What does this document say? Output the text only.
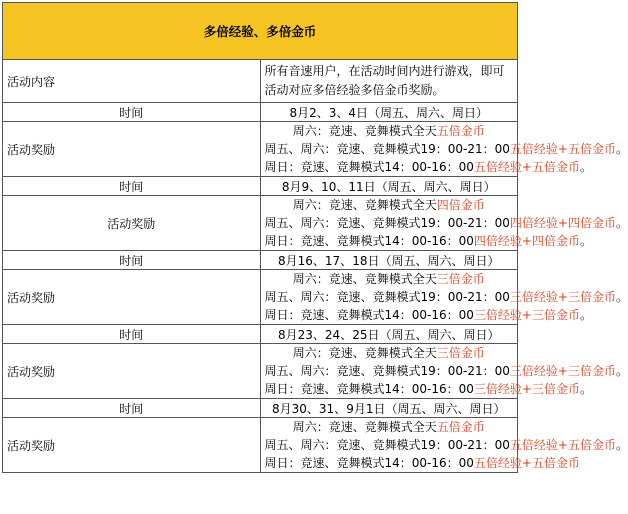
多倍经验、多倍金币	
活动内容	所有音速用户，在活动时间内进行游戏，即可活动对应多倍经验多倍金币奖励。
时间	8月2、3、4日（周五、周六、周日）
活动奖励	周六：竞速、竞舞模式全天五倍金币
周五、周六：竞速、竞舞模式19：00-21：00五倍经验+五倍金币。
周日：竞速、竞舞模式14：00-16：00五倍经验+五倍金币。

时间	8月9、10、11日（周五、周六、周日）
活动奖励	周六：竞速、竞舞模式全天四倍金币
周五、周六：竞速、竞舞模式19：00-21：00四倍经验+四倍金币。
周日：竞速、竞舞模式14：00-16：00四倍经验+四倍金币。

时间	8月16、17、18日（周五、周六、周日）
活动奖励	周六：竞速、竞舞模式全天三倍金币
周五、周六：竞速、竞舞模式19：00-21：00三倍经验+三倍金币。
周日：竞速、竞舞模式14：00-16：00三倍经验+三倍金币。

时间	8月23、24、25日（周五、周六、周日）
活动奖励	周六：竞速、竞舞模式全天三倍金币
周五、周六：竞速、竞舞模式19：00-21：00三倍经验+三倍金币。
周日：竞速、竞舞模式14：00-16：00三倍经验+三倍金币。

时间	8月30、31、9月1日（周五、周六、周日）
活动奖励	周六：竞速、竞舞模式全天五倍金币
周五、周六：竞速、竞舞模式19：00-21：00五倍经验+五倍金币。
周日：竞速、竞舞模式14：00-16：00五倍经验+五倍金币
